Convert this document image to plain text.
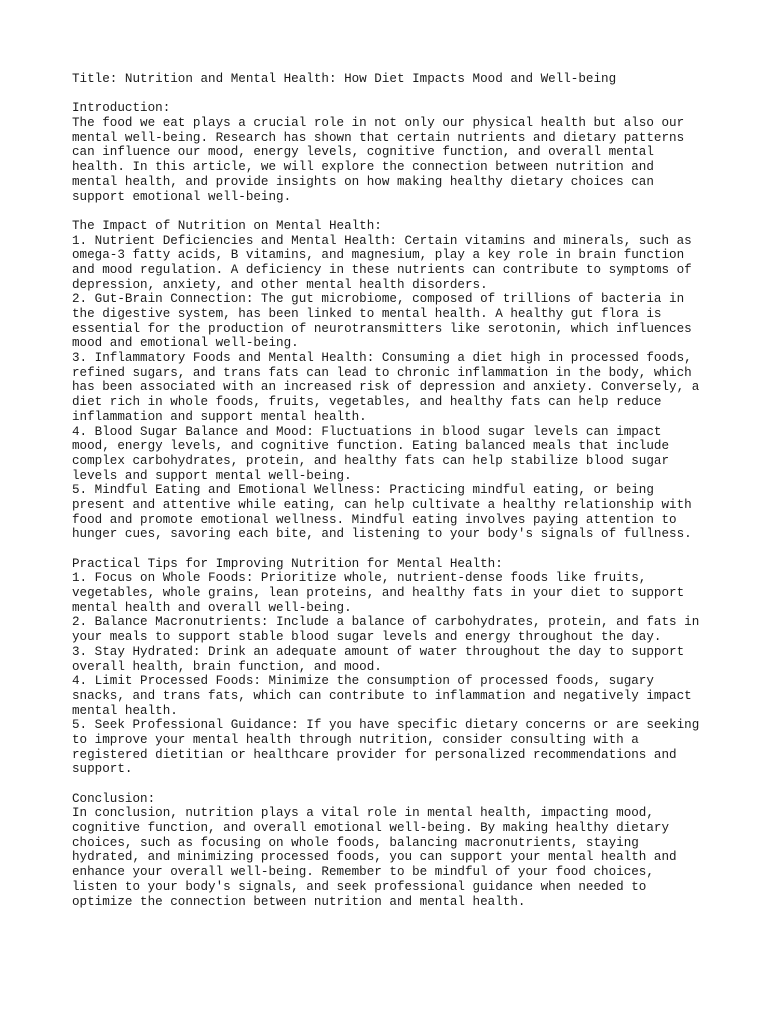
Title: Nutrition and Mental Health: How Diet Impacts Mood and Well-being
Introduction:
The food we eat plays a crucial role in not only our physical health but also our
mental well-being. Research has shown that certain nutrients and dietary patterns
can influence our mood, energy levels, cognitive function, and overall mental
health. In this article, we will explore the connection between nutrition and
mental health, and provide insights on how making healthy dietary choices can
support emotional well-being.
The Impact of Nutrition on Mental Health:
1. Nutrient Deficiencies and Mental Health: Certain vitamins and minerals, such as
omega-3 fatty acids, B vitamins, and magnesium, play a key role in brain function
and mood regulation. A deficiency in these nutrients can contribute to symptoms of
depression, anxiety, and other mental health disorders.
2. Gut-Brain Connection: The gut microbiome, composed of trillions of bacteria in
the digestive system, has been linked to mental health. A healthy gut flora is
essential for the production of neurotransmitters like serotonin, which influences
mood and emotional well-being.
3. Inflammatory Foods and Mental Health: Consuming a diet high in processed foods,
refined sugars, and trans fats can lead to chronic inflammation in the body, which
has been associated with an increased risk of depression and anxiety. Conversely, a
diet rich in whole foods, fruits, vegetables, and healthy fats can help reduce
inflammation and support mental health.
4. Blood Sugar Balance and Mood: Fluctuations in blood sugar levels can impact
mood, energy levels, and cognitive function. Eating balanced meals that include
complex carbohydrates, protein, and healthy fats can help stabilize blood sugar
levels and support mental well-being.
5. Mindful Eating and Emotional Wellness: Practicing mindful eating, or being
present and attentive while eating, can help cultivate a healthy relationship with
food and promote emotional wellness. Mindful eating involves paying attention to
hunger cues, savoring each bite, and listening to your body's signals of fullness.
Practical Tips for Improving Nutrition for Mental Health:
1. Focus on Whole Foods: Prioritize whole, nutrient-dense foods like fruits,
vegetables, whole grains, lean proteins, and healthy fats in your diet to support
mental health and overall well-being.
2. Balance Macronutrients: Include a balance of carbohydrates, protein, and fats in
your meals to support stable blood sugar levels and energy throughout the day.
3. Stay Hydrated: Drink an adequate amount of water throughout the day to support
overall health, brain function, and mood.
4. Limit Processed Foods: Minimize the consumption of processed foods, sugary
snacks, and trans fats, which can contribute to inflammation and negatively impact
mental health.
5. Seek Professional Guidance: If you have specific dietary concerns or are seeking
to improve your mental health through nutrition, consider consulting with a
registered dietitian or healthcare provider for personalized recommendations and
support.
Conclusion:
In conclusion, nutrition plays a vital role in mental health, impacting mood,
cognitive function, and overall emotional well-being. By making healthy dietary
choices, such as focusing on whole foods, balancing macronutrients, staying
hydrated, and minimizing processed foods, you can support your mental health and
enhance your overall well-being. Remember to be mindful of your food choices,
listen to your body's signals, and seek professional guidance when needed to
optimize the connection between nutrition and mental health.
